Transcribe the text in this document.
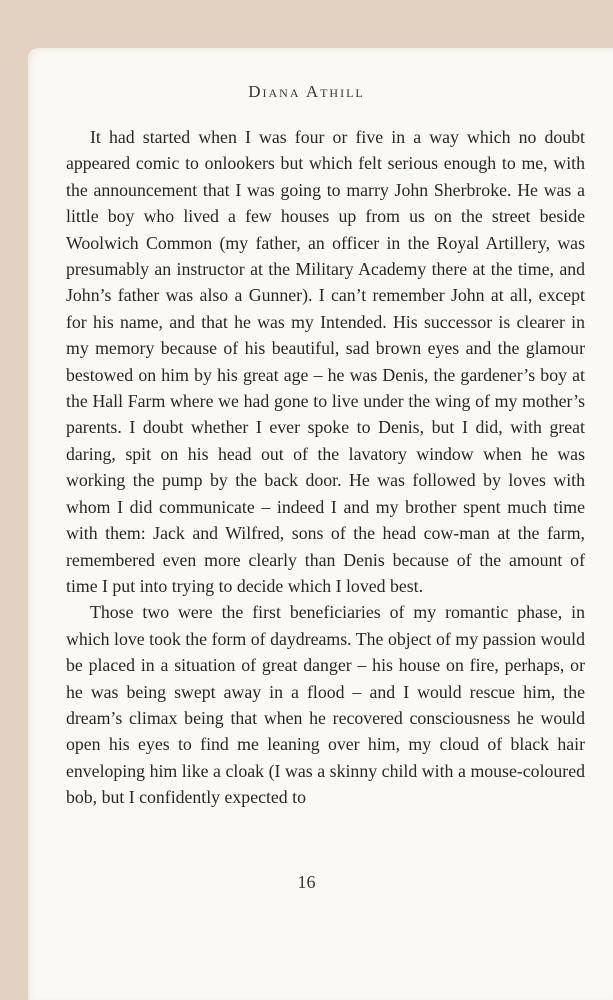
Diana Athill

It had started when I was four or five in a way which no doubt appeared comic to onlookers but which felt serious enough to me, with the announcement that I was going to marry John Sherbroke. He was a little boy who lived a few houses up from us on the street beside Woolwich Common (my father, an officer in the Royal Artillery, was presumably an instructor at the Military Academy there at the time, and John’s father was also a Gunner). I can’t remember John at all, except for his name, and that he was my Intended. His successor is clearer in my memory because of his beautiful, sad brown eyes and the glamour bestowed on him by his great age – he was Denis, the gardener’s boy at the Hall Farm where we had gone to live under the wing of my mother’s parents. I doubt whether I ever spoke to Denis, but I did, with great daring, spit on his head out of the lavatory window when he was working the pump by the back door. He was followed by loves with whom I did communicate – indeed I and my brother spent much time with them: Jack and Wilfred, sons of the head cow-man at the farm, remembered even more clearly than Denis because of the amount of time I put into trying to decide which I loved best.

Those two were the first beneficiaries of my romantic phase, in which love took the form of daydreams. The object of my passion would be placed in a situation of great danger – his house on fire, perhaps, or he was being swept away in a flood – and I would rescue him, the dream’s climax being that when he recovered consciousness he would open his eyes to find me leaning over him, my cloud of black hair enveloping him like a cloak (I was a skinny child with a mouse-coloured bob, but I confidently expected to

16
